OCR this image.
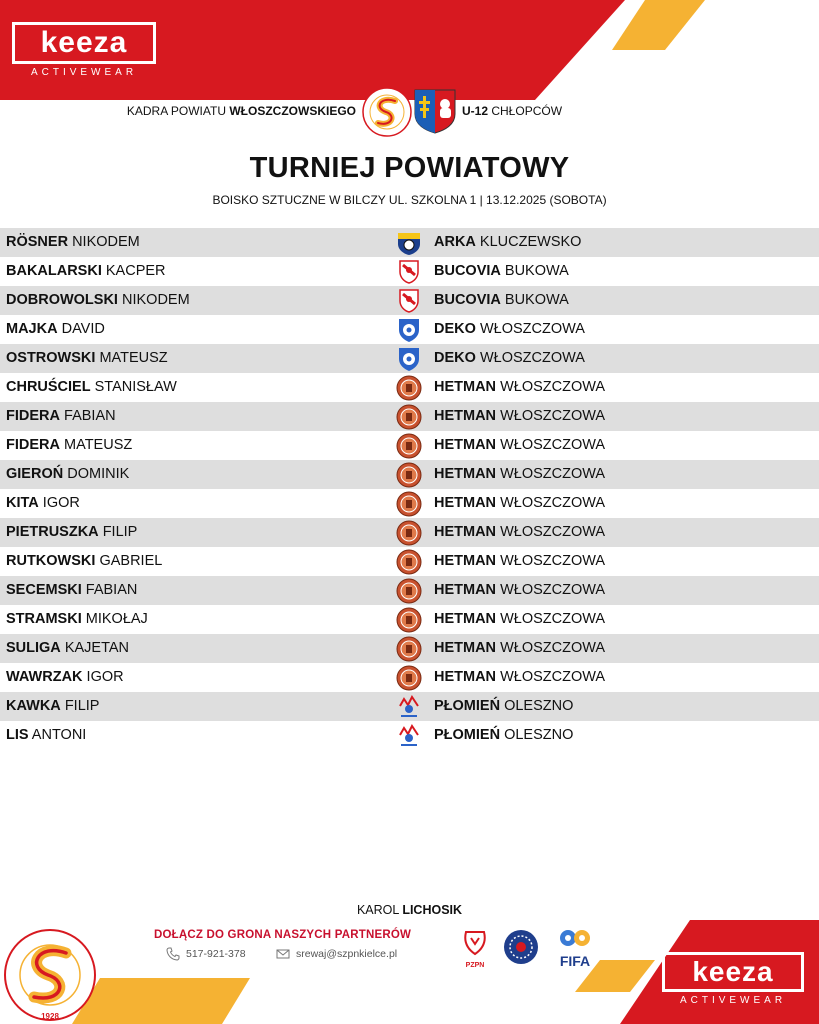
keeza
ACTIVEWEAR
KADRA POWIATU WŁOSZCZOWSKIEGO	U-12 CHŁOPCÓW
TURNIEJ POWIATOWY
BOISKO SZTUCZNE W BILCZY UL. SZKOLNA 1 | 13.12.2025 (SOBOTA)
RÖSNER NIKODEM	ARKA KLUCZEWSKO
BAKALARSKI KACPER	BUCOVIA BUKOWA
DOBROWOLSKI NIKODEM	BUCOVIA BUKOWA
MAJKA DAVID	DEKO WŁOSZCZOWA
OSTROWSKI MATEUSZ	DEKO WŁOSZCZOWA
CHRUŚCIEL STANISŁAW	HETMAN WŁOSZCZOWA
FIDERA FABIAN	HETMAN WŁOSZCZOWA
FIDERA MATEUSZ	HETMAN WŁOSZCZOWA
GIEROŃ DOMINIK	HETMAN WŁOSZCZOWA
KITA IGOR	HETMAN WŁOSZCZOWA
PIETRUSZKA FILIP	HETMAN WŁOSZCZOWA
RUTKOWSKI GABRIEL	HETMAN WŁOSZCZOWA
SECEMSKI FABIAN	HETMAN WŁOSZCZOWA
STRAMSKI MIKOŁAJ	HETMAN WŁOSZCZOWA
SULIGA KAJETAN	HETMAN WŁOSZCZOWA
WAWRZAK IGOR	HETMAN WŁOSZCZOWA
KAWKA FILIP	PŁOMIEŃ OLESZNO
LIS ANTONI	PŁOMIEŃ OLESZNO
KAROL LICHOSIK
1928
DOŁĄCZ DO GRONA NASZYCH PARTNERÓW
517-921-378	srewaj@szpnkielce.pl
PZPN	FIFA	keeza
ACTIVEWEAR
